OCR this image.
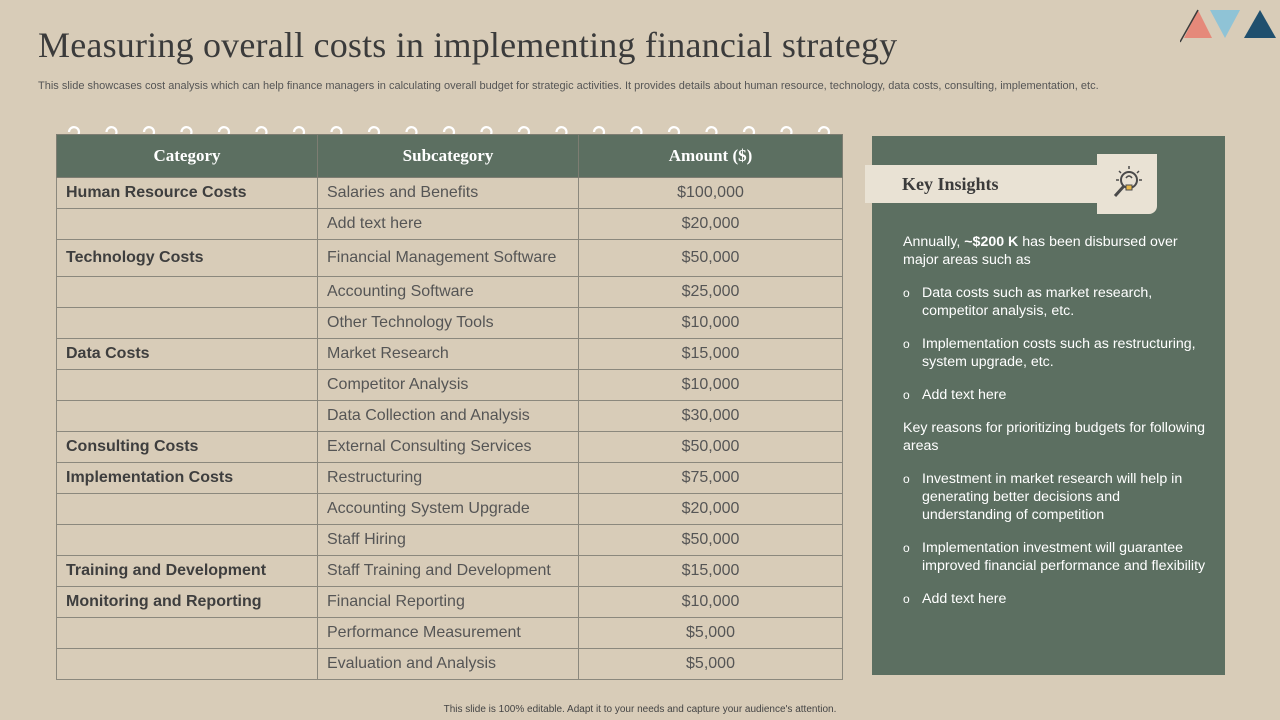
Measuring overall costs in implementing financial strategy

This slide showcases cost analysis which can help finance managers in calculating overall budget for strategic activities. It provides details about human resource, technology, data costs, consulting, implementation, etc.

Category	Subcategory	Amount ($)
Human Resource Costs	Salaries and Benefits	$100,000
	Add text here	$20,000
Technology Costs	Financial Management Software	$50,000
	Accounting Software	$25,000
	Other Technology Tools	$10,000
Data Costs	Market Research	$15,000
	Competitor Analysis	$10,000
	Data Collection and Analysis	$30,000
Consulting Costs	External Consulting Services	$50,000
Implementation Costs	Restructuring	$75,000
	Accounting System Upgrade	$20,000
	Staff Hiring	$50,000
Training and Development	Staff Training and Development	$15,000
Monitoring and Reporting	Financial Reporting	$10,000
	Performance Measurement	$5,000
	Evaluation and Analysis	$5,000
Key Insights

Annually, ~$200 K has been disbursed over major areas such as

o Data costs such as market research, competitor analysis, etc.
o Implementation costs such as restructuring, system upgrade, etc.
o Add text here

Key reasons for prioritizing budgets for following areas

o Investment in market research will help in generating better decisions and understanding of competition
o Implementation investment will guarantee improved financial performance and flexibility
o Add text here
This slide is 100% editable. Adapt it to your needs and capture your audience's attention.
